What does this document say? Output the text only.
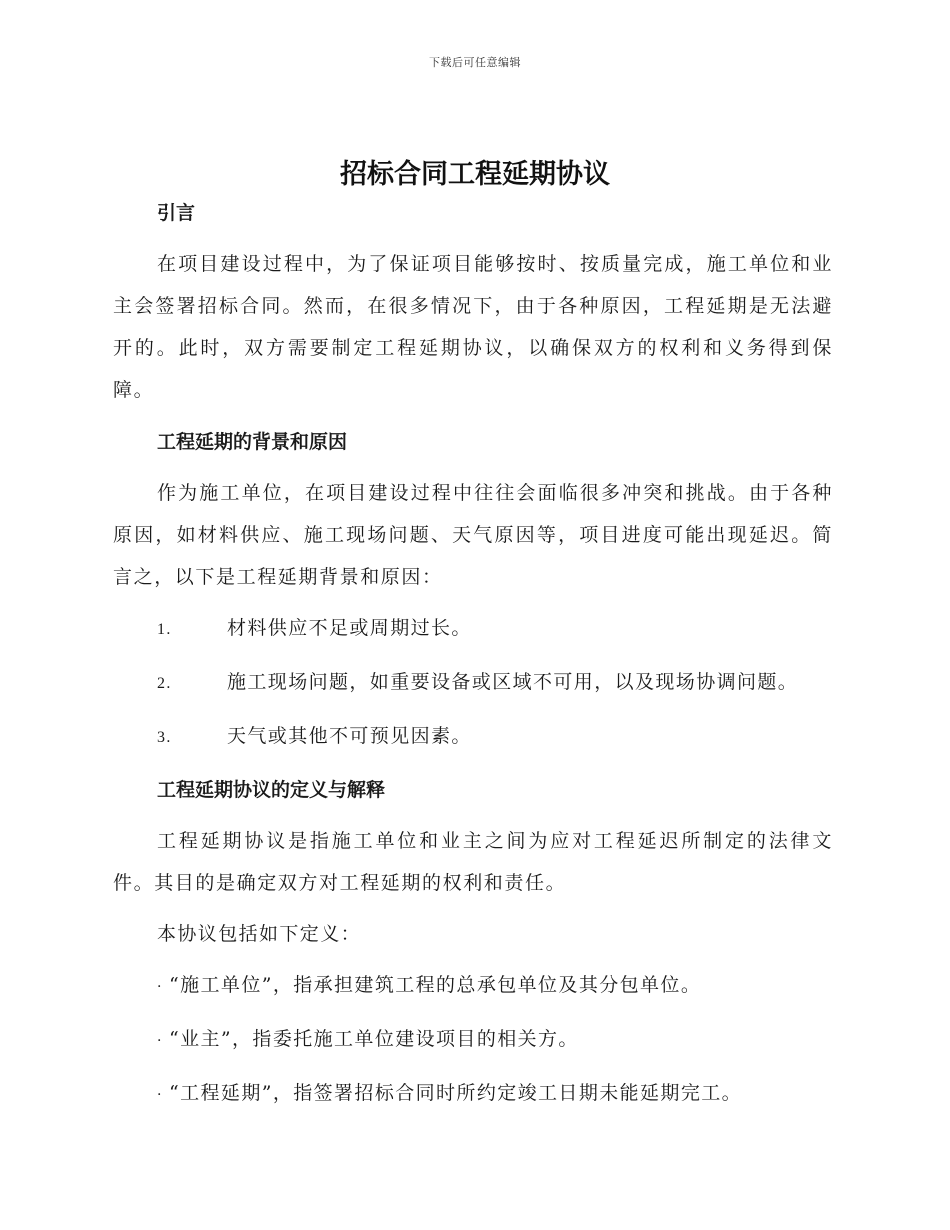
下载后可任意编辑
招标合同工程延期协议
引言

在项目建设过程中，为了保证项目能够按时、按质量完成，施工单位和业主会签署招标合同。然而，在很多情况下，由于各种原因，工程延期是无法避开的。此时，双方需要制定工程延期协议，以确保双方的权利和义务得到保障。

工程延期的背景和原因

作为施工单位，在项目建设过程中往往会面临很多冲突和挑战。由于各种原因，如材料供应、施工现场问题、天气原因等，项目进度可能出现延迟。简言之，以下是工程延期背景和原因：

1.	材料供应不足或周期过长。
2.	施工现场问题，如重要设备或区域不可用，以及现场协调问题。
3.	天气或其他不可预见因素。
工程延期协议的定义与解释

工程延期协议是指施工单位和业主之间为应对工程延迟所制定的法律文件。其目的是确定双方对工程延期的权利和责任。

本协议包括如下定义：

· “施工单位”，指承担建筑工程的总承包单位及其分包单位。
· “业主”，指委托施工单位建设项目的相关方。
· “工程延期”，指签署招标合同时所约定竣工日期未能延期完工。
